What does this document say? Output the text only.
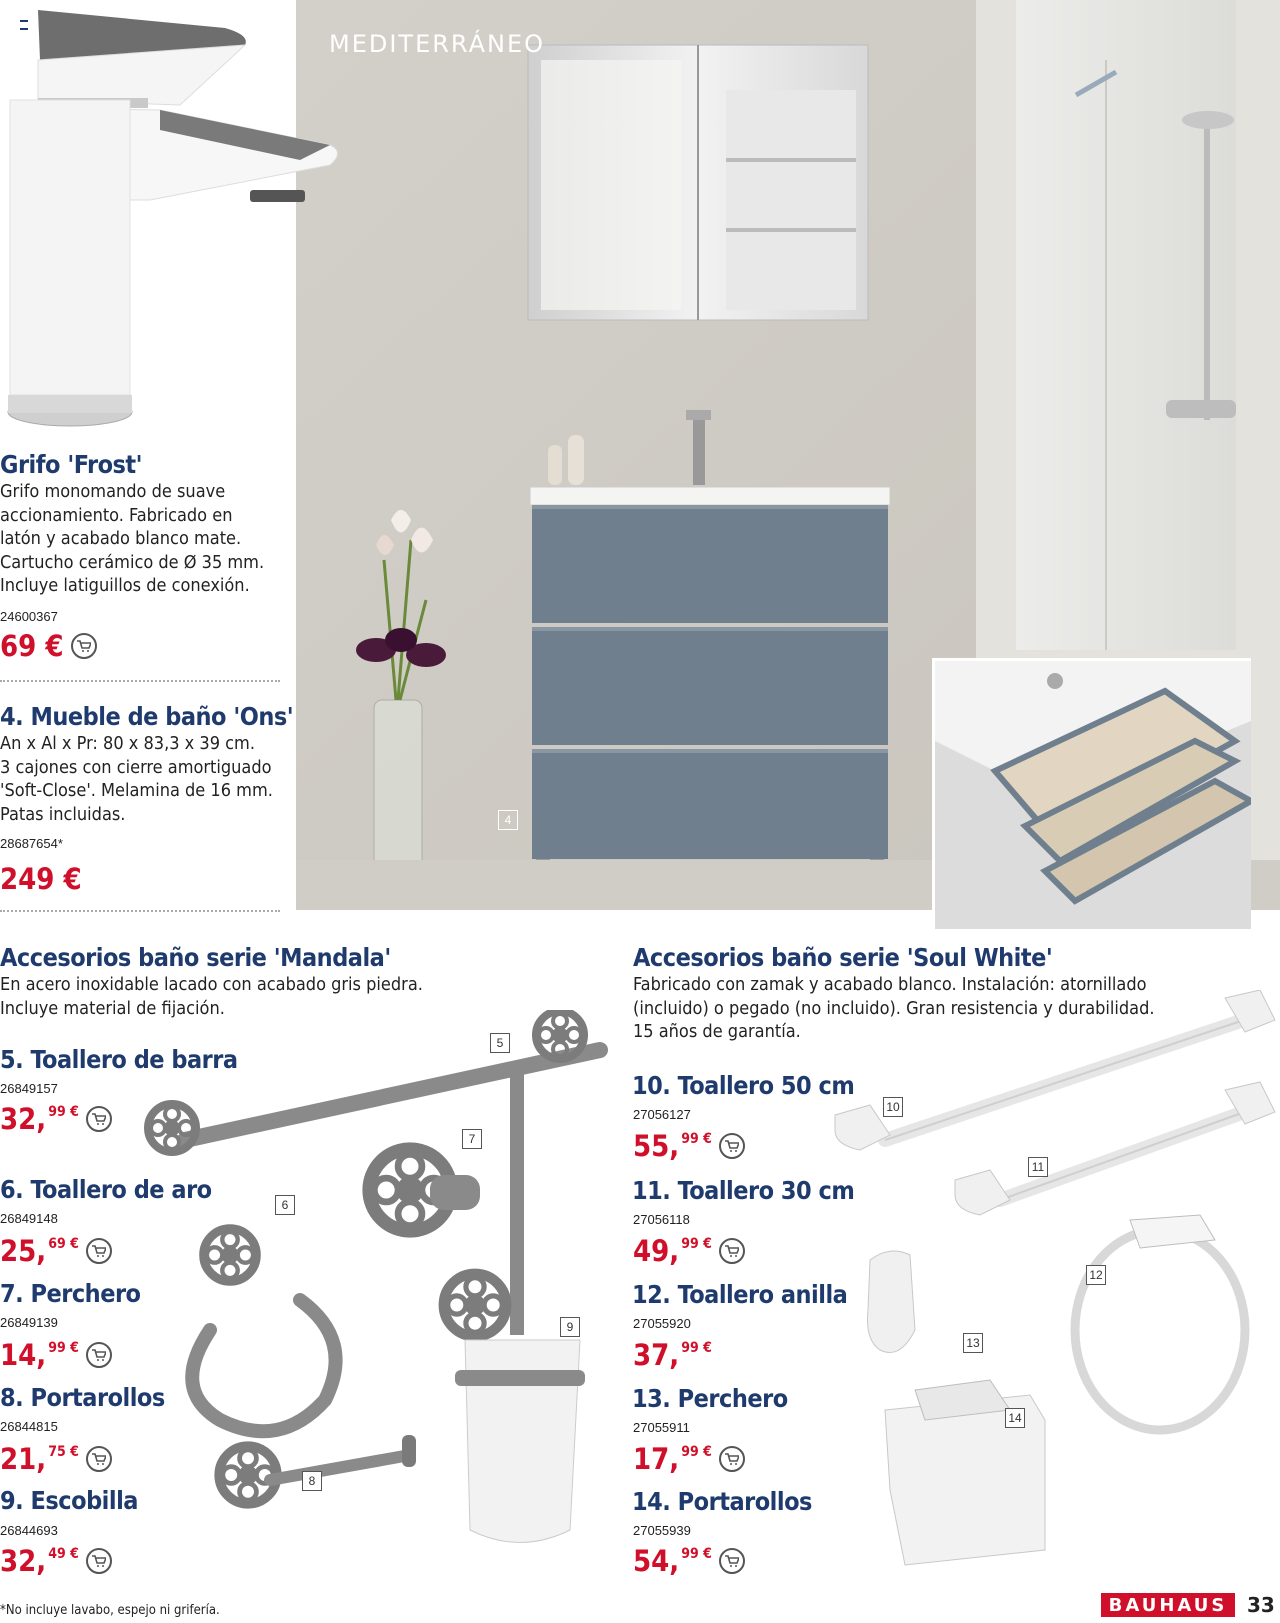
MEDITERRÁNEO
4
Grifo 'Frost'
Grifo monomando de suave
accionamiento. Fabricado en
latón y acabado blanco mate.
Cartucho cerámico de Ø 35 mm.
Incluye latiguillos de conexión.
24600367
69 €
4. Mueble de baño 'Ons'
An x Al x Pr: 80 x 83,3 x 39 cm.
3 cajones con cierre amortiguado
'Soft-Close'. Melamina de 16 mm.
Patas incluidas.
28687654*
249 €
Accesorios baño serie 'Mandala'
En acero inoxidable lacado con acabado gris piedra.
Incluye material de fijación.
5. Toallero de barra
26849157
32, 99 €
6. Toallero de aro
26849148
25, 69 €
7. Perchero
26849139
14, 99 €
8. Portarollos
26844815
21, 75 €
9. Escobilla
26844693
32, 49 €
5
7
6
9
8
Accesorios baño serie 'Soul White'
Fabricado con zamak y acabado blanco. Instalación: atornillado
(incluido) o pegado (no incluido). Gran resistencia y durabilidad.
15 años de garantía.
10. Toallero 50 cm
27056127
55, 99 €
11. Toallero 30 cm
27056118
49, 99 €
12. Toallero anilla
27055920
37, 99 €
13. Perchero
27055911
17, 99 €
14. Portarollos
27055939
54, 99 €
10
11
12
13
14
*No incluye lavabo, espejo ni grifería.	BAUHAUS 33
